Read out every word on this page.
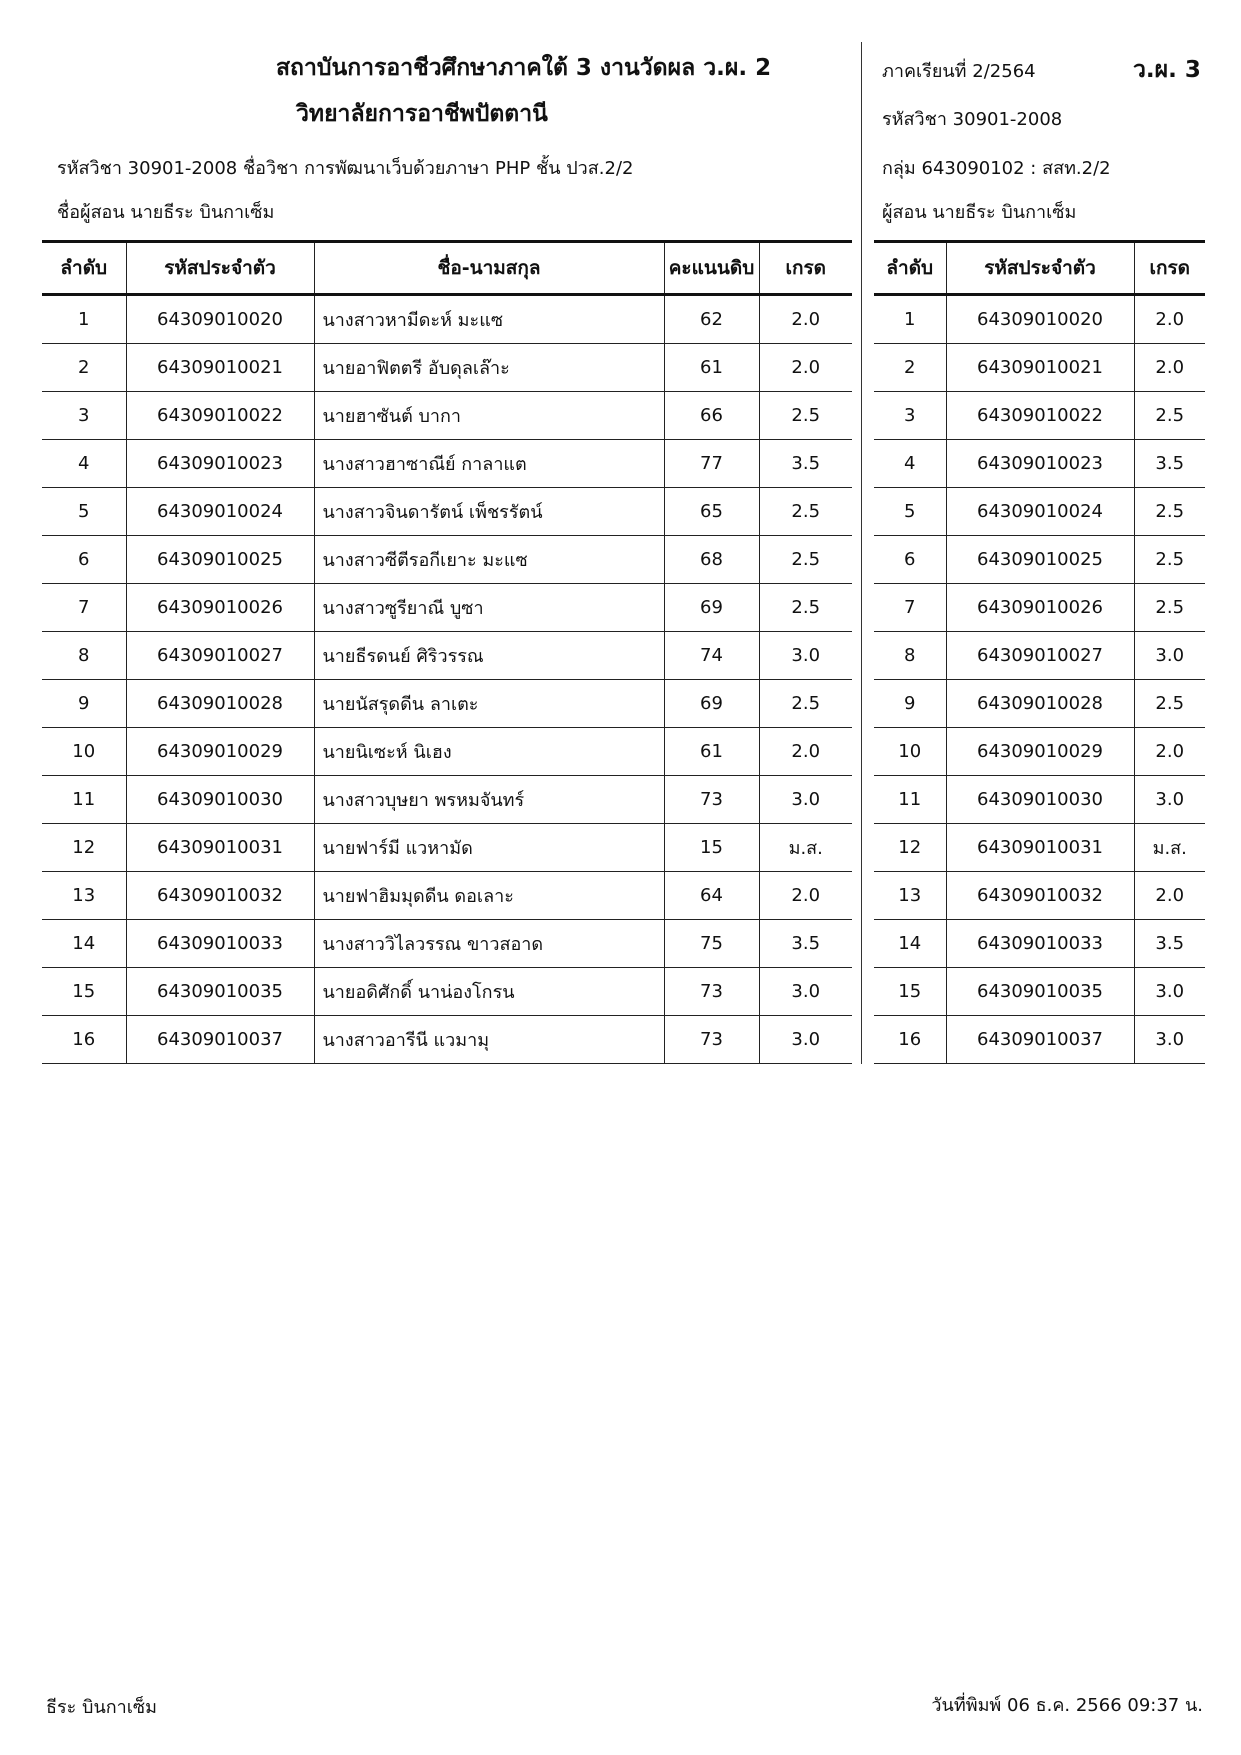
สถาบันการอาชีวศึกษาภาคใต้ 3 งานวัดผล ว.ผ. 2
วิทยาลัยการอาชีพปัตตานี
รหัสวิชา 30901-2008 ชื่อวิชา การพัฒนาเว็บด้วยภาษา PHP ชั้น ปวส.2/2
ชื่อผู้สอน นายธีระ บินกาเซ็ม
ภาคเรียนที่ 2/2564	ว.ผ. 3
รหัสวิชา 30901-2008
กลุ่ม 643090102 : สสท.2/2
ผู้สอน นายธีระ บินกาเซ็ม
ลำดับ	รหัสประจำตัว	ชื่อ-นามสกุล	คะแนนดิบ	เกรด
1	64309010020	นางสาวหามีดะห์ มะแซ	62	2.0
2	64309010021	นายอาฟิตตรี อับดุลเล๊าะ	61	2.0
3	64309010022	นายฮาซันต์ บากา	66	2.5
4	64309010023	นางสาวฮาซาณีย์ กาลาแต	77	3.5
5	64309010024	นางสาวจินดารัตน์ เพ็ชรรัตน์	65	2.5
6	64309010025	นางสาวซีตีรอกีเยาะ มะแซ	68	2.5
7	64309010026	นางสาวซูรียาณี บูซา	69	2.5
8	64309010027	นายธีรดนย์ ศิริวรรณ	74	3.0
9	64309010028	นายนัสรุดดีน ลาเตะ	69	2.5
10	64309010029	นายนิเซะห์ นิเฮง	61	2.0
11	64309010030	นางสาวบุษยา พรหมจันทร์	73	3.0
12	64309010031	นายฟาร์มี แวหามัด	15	ม.ส.
13	64309010032	นายฟาฮิมมุดดีน ดอเลาะ	64	2.0
14	64309010033	นางสาววิไลวรรณ ขาวสอาด	75	3.5
15	64309010035	นายอดิศักดิ์ นาน่องโกรน	73	3.0
16	64309010037	นางสาวอารีนี แวมามุ	73	3.0
ลำดับ	รหัสประจำตัว	เกรด
1	64309010020	2.0
2	64309010021	2.0
3	64309010022	2.5
4	64309010023	3.5
5	64309010024	2.5
6	64309010025	2.5
7	64309010026	2.5
8	64309010027	3.0
9	64309010028	2.5
10	64309010029	2.0
11	64309010030	3.0
12	64309010031	ม.ส.
13	64309010032	2.0
14	64309010033	3.5
15	64309010035	3.0
16	64309010037	3.0
ธีระ บินกาเซ็ม	วันที่พิมพ์ 06 ธ.ค. 2566 09:37 น.
